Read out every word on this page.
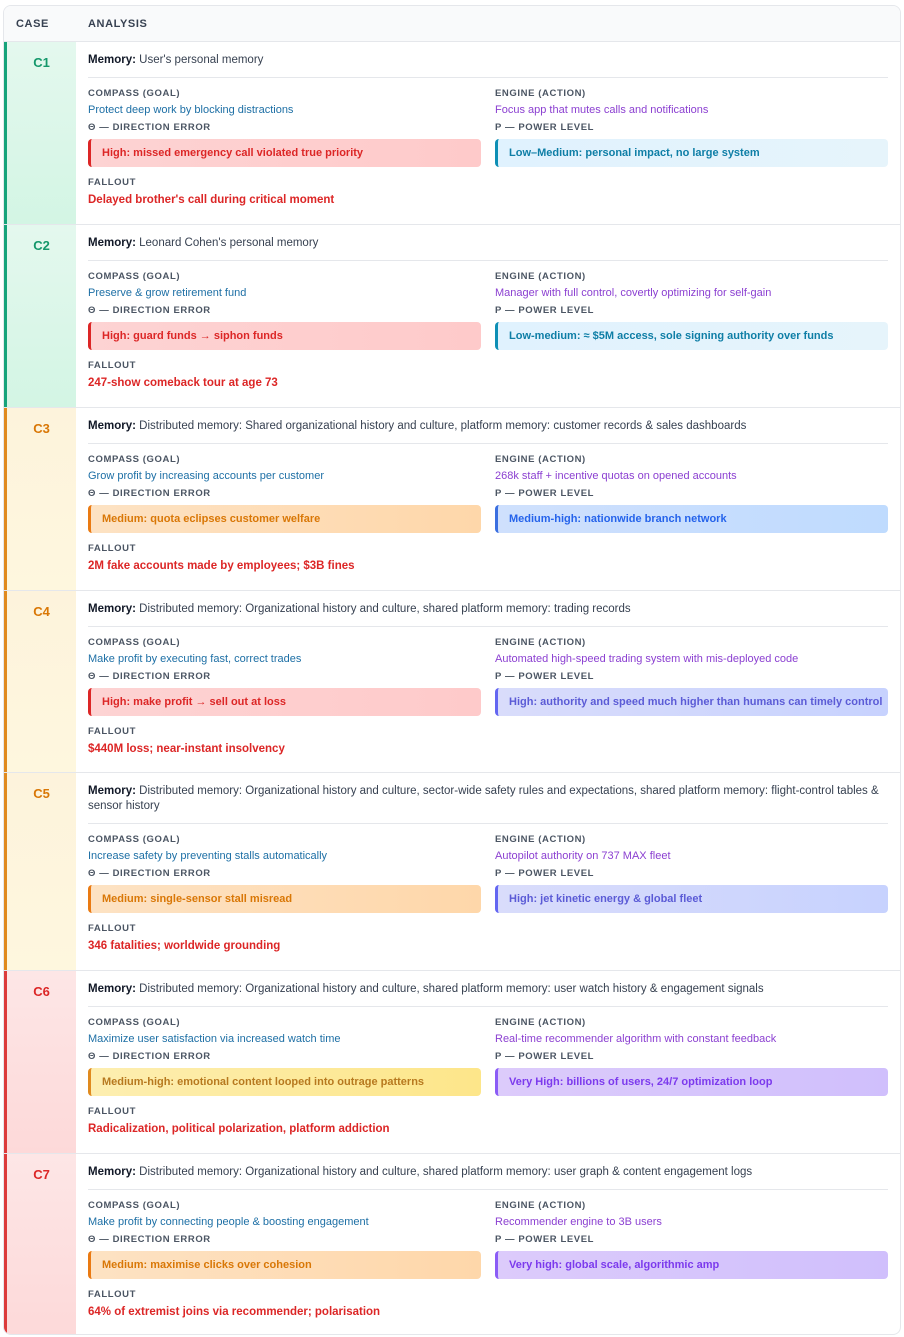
CASE	ANALYSIS
C1	Memory: User's personal memory
COMPASS (GOAL)
Protect deep work by blocking distractions
Θ — DIRECTION ERROR
High: missed emergency call violated true priority
ENGINE (ACTION)
Focus app that mutes calls and notifications
P — POWER LEVEL
Low–Medium: personal impact, no large system
FALLOUT
Delayed brother's call during critical moment
C2	Memory: Leonard Cohen's personal memory
COMPASS (GOAL)
Preserve & grow retirement fund
Θ — DIRECTION ERROR
High: guard funds → siphon funds
ENGINE (ACTION)
Manager with full control, covertly optimizing for self-gain
P — POWER LEVEL
Low-medium: ≈ $5M access, sole signing authority over funds
FALLOUT
247-show comeback tour at age 73
C3	Memory: Distributed memory: Shared organizational history and culture, platform memory: customer records & sales dashboards
COMPASS (GOAL)
Grow profit by increasing accounts per customer
Θ — DIRECTION ERROR
Medium: quota eclipses customer welfare
ENGINE (ACTION)
268k staff + incentive quotas on opened accounts
P — POWER LEVEL
Medium-high: nationwide branch network
FALLOUT
2M fake accounts made by employees; $3B fines
C4	Memory: Distributed memory: Organizational history and culture, shared platform memory: trading records
COMPASS (GOAL)
Make profit by executing fast, correct trades
Θ — DIRECTION ERROR
High: make profit → sell out at loss
ENGINE (ACTION)
Automated high-speed trading system with mis-deployed code
P — POWER LEVEL
High: authority and speed much higher than humans can timely control
FALLOUT
$440M loss; near-instant insolvency
C5	Memory: Distributed memory: Organizational history and culture, sector-wide safety rules and expectations, shared platform memory: flight-control tables & sensor history
COMPASS (GOAL)
Increase safety by preventing stalls automatically
Θ — DIRECTION ERROR
Medium: single-sensor stall misread
ENGINE (ACTION)
Autopilot authority on 737 MAX fleet
P — POWER LEVEL
High: jet kinetic energy & global fleet
FALLOUT
346 fatalities; worldwide grounding
C6	Memory: Distributed memory: Organizational history and culture, shared platform memory: user watch history & engagement signals
COMPASS (GOAL)
Maximize user satisfaction via increased watch time
Θ — DIRECTION ERROR
Medium-high: emotional content looped into outrage patterns
ENGINE (ACTION)
Real-time recommender algorithm with constant feedback
P — POWER LEVEL
Very High: billions of users, 24/7 optimization loop
FALLOUT
Radicalization, political polarization, platform addiction
C7	Memory: Distributed memory: Organizational history and culture, shared platform memory: user graph & content engagement logs
COMPASS (GOAL)
Make profit by connecting people & boosting engagement
Θ — DIRECTION ERROR
Medium: maximise clicks over cohesion
ENGINE (ACTION)
Recommender engine to 3B users
P — POWER LEVEL
Very high: global scale, algorithmic amp
FALLOUT
64% of extremist joins via recommender; polarisation
